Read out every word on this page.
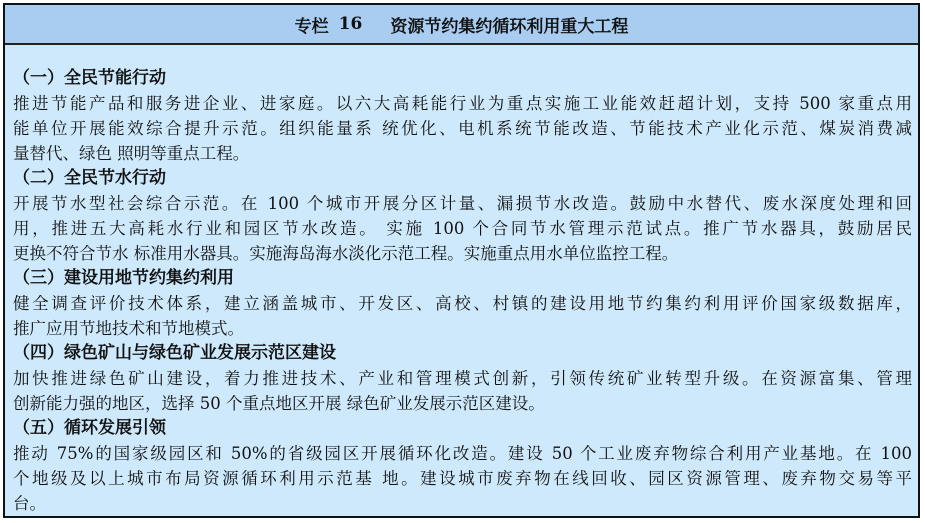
专栏 16 资源节约集约循环利用重大工程
（一）全民节能行动
推进节能产品和服务进企业、进家庭。以六大高耗能行业为重点实施工业能效赶超计划，支持 500 家重点用
能单位开展能效综合提升示范。组织能量系 统优化、电机系统节能改造、节能技术产业化示范、煤炭消费减
量替代、绿色 照明等重点工程。
（二）全民节水行动
开展节水型社会综合示范。在 100 个城市开展分区计量、漏损节水改造。鼓励中水替代、废水深度处理和回
用，推进五大高耗水行业和园区节水改造。 实施 100 个合同节水管理示范试点。推广节水器具，鼓励居民
更换不符合节水 标准用水器具。实施海岛海水淡化示范工程。实施重点用水单位监控工程。
（三）建设用地节约集约利用
健全调查评价技术体系，建立涵盖城市、开发区、高校、村镇的建设用地节约集约利用评价国家级数据库，
推广应用节地技术和节地模式。
（四）绿色矿山与绿色矿业发展示范区建设
加快推进绿色矿山建设，着力推进技术、产业和管理模式创新，引领传统矿业转型升级。在资源富集、管理
创新能力强的地区，选择 50 个重点地区开展 绿色矿业发展示范区建设。
（五）循环发展引领
推动 75%的国家级园区和 50%的省级园区开展循环化改造。建设 50 个工业废弃物综合利用产业基地。在 100
个地级及以上城市布局资源循环利用示范基 地。建设城市废弃物在线回收、园区资源管理、废弃物交易等平
台。
